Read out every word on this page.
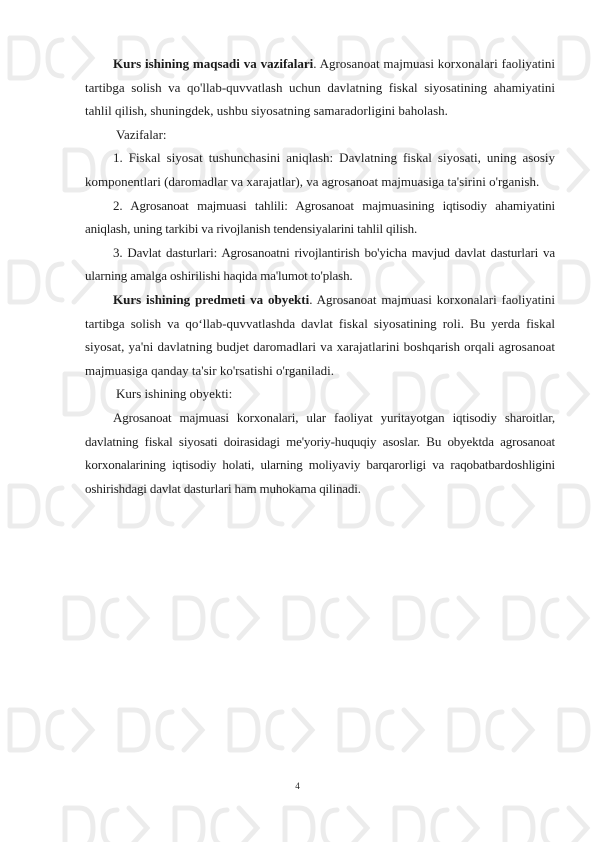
Kurs ishining maqsadi va vazifalari. Agrosanoat majmuasi korxonalari faoliyatini tartibga solish va qo'llab-quvvatlash uchun davlatning fiskal siyosatining ahamiyatini tahlil qilish, shuningdek, ushbu siyosatning samaradorligini baholash.

Vazifalar:

1. Fiskal siyosat tushunchasini aniqlash: Davlatning fiskal siyosati, uning asosiy komponentlari (daromadlar va xarajatlar), va agrosanoat majmuasiga ta'sirini o'rganish.

2. Agrosanoat majmuasi tahlili: Agrosanoat majmuasining iqtisodiy ahamiyatini aniqlash, uning tarkibi va rivojlanish tendensiyalarini tahlil qilish.

3. Davlat dasturlari: Agrosanoatni rivojlantirish bo'yicha mavjud davlat dasturlari va ularning amalga oshirilishi haqida ma'lumot to'plash.

Kurs ishining predmeti va obyekti. Agrosanoat majmuasi korxonalari faoliyatini tartibga solish va qo‘llab-quvvatlashda davlat fiskal siyosatining roli. Bu yerda fiskal siyosat, ya'ni davlatning budjet daromadlari va xarajatlarini boshqarish orqali agrosanoat majmuasiga qanday ta'sir ko'rsatishi o'rganiladi.

Kurs ishining obyekti:

Agrosanoat majmuasi korxonalari, ular faoliyat yuritayotgan iqtisodiy sharoitlar, davlatning fiskal siyosati doirasidagi me'yoriy-huquqiy asoslar. Bu obyektda agrosanoat korxonalarining iqtisodiy holati, ularning moliyaviy barqarorligi va raqobatbardoshligini oshirishdagi davlat dasturlari ham muhokama qilinadi.

4
